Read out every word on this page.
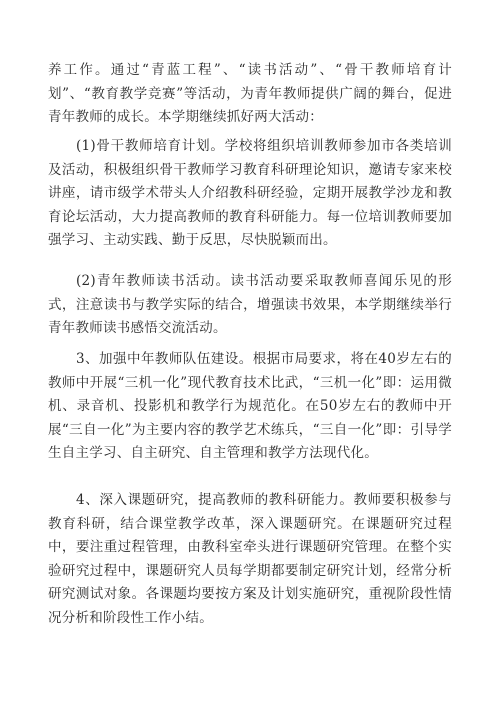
养工作。通过“青蓝工程”、“读书活动”、“骨干教师培育计划”、“教育教学竞赛”等活动，为青年教师提供广阔的舞台，促进青年教师的成长。本学期继续抓好两大活动：

(1)骨干教师培育计划。学校将组织培训教师参加市各类培训及活动，积极组织骨干教师学习教育科研理论知识，邀请专家来校讲座，请市级学术带头人介绍教科研经验，定期开展教学沙龙和教育论坛活动，大力提高教师的教育科研能力。每一位培训教师要加强学习、主动实践、勤于反思，尽快脱颖而出。

(2)青年教师读书活动。读书活动要采取教师喜闻乐见的形式，注意读书与教学实际的结合，增强读书效果，本学期继续举行青年教师读书感悟交流活动。

3、加强中年教师队伍建设。根据市局要求，将在40岁左右的教师中开展“三机一化”现代教育技术比武，“三机一化”即：运用微机、录音机、投影机和教学行为规范化。在50岁左右的教师中开展“三自一化”为主要内容的教学艺术练兵，“三自一化”即：引导学生自主学习、自主研究、自主管理和教学方法现代化。

4、深入课题研究，提高教师的教科研能力。教师要积极参与教育科研，结合课堂教学改革，深入课题研究。在课题研究过程中，要注重过程管理，由教科室牵头进行课题研究管理。在整个实验研究过程中，课题研究人员每学期都要制定研究计划，经常分析研究测试对象。各课题均要按方案及计划实施研究，重视阶段性情况分析和阶段性工作小结。
